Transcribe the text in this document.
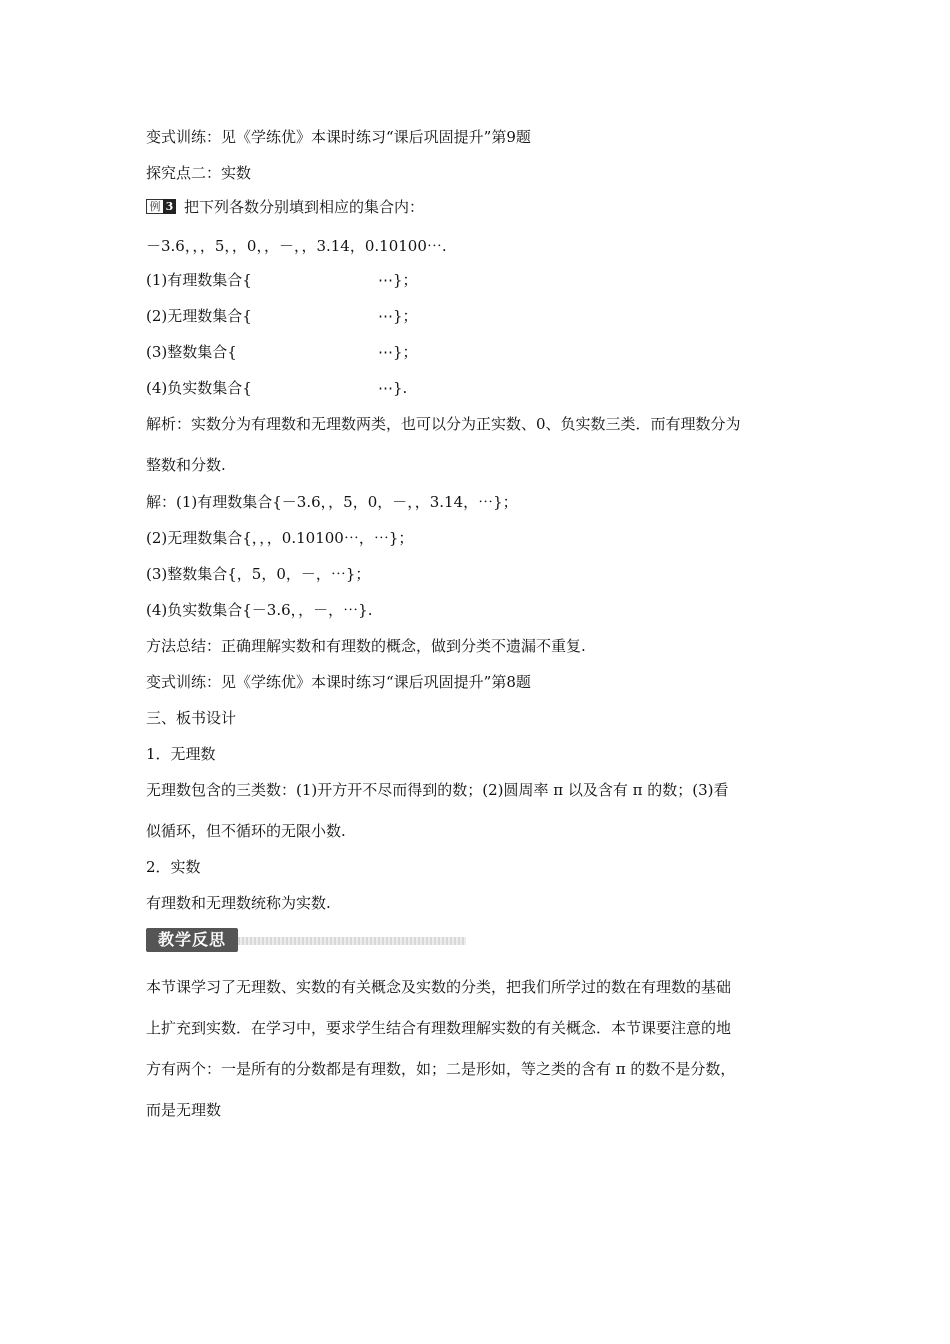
变式训练：见《学练优》本课时练习“课后巩固提升”第9题
探究点二：实数
例 3 把下列各数分别填到相应的集合内：
－3.6，，，5，，0，，－，，3.14，0.10100⋯.
(1)有理数集合{	⋯}；
(2)无理数集合{	⋯}；
(3)整数集合{	⋯}；
(4)负实数集合{	⋯}.
解析：实数分为有理数和无理数两类，也可以分为正实数、0、负实数三类．而有理数分为
整数和分数.
解：(1)有理数集合{－3.6，，5，0，－，，3.14，⋯}；
(2)无理数集合{，，，0.10100⋯，⋯}；
(3)整数集合{，5，0，－，⋯}；
(4)负实数集合{－3.6，，－，⋯}.
方法总结：正确理解实数和有理数的概念，做到分类不遗漏不重复.
变式训练：见《学练优》本课时练习“课后巩固提升”第8题
三、板书设计
1．无理数
无理数包含的三类数：(1)开方开不尽而得到的数；(2)圆周率 π 以及含有 π 的数；(3)看
似循环，但不循环的无限小数.
2．实数
有理数和无理数统称为实数.
教学反思
本节课学习了无理数、实数的有关概念及实数的分类，把我们所学过的数在有理数的基础
上扩充到实数．在学习中，要求学生结合有理数理解实数的有关概念．本节课要注意的地
方有两个：一是所有的分数都是有理数，如；二是形如，等之类的含有 π 的数不是分数，
而是无理数
